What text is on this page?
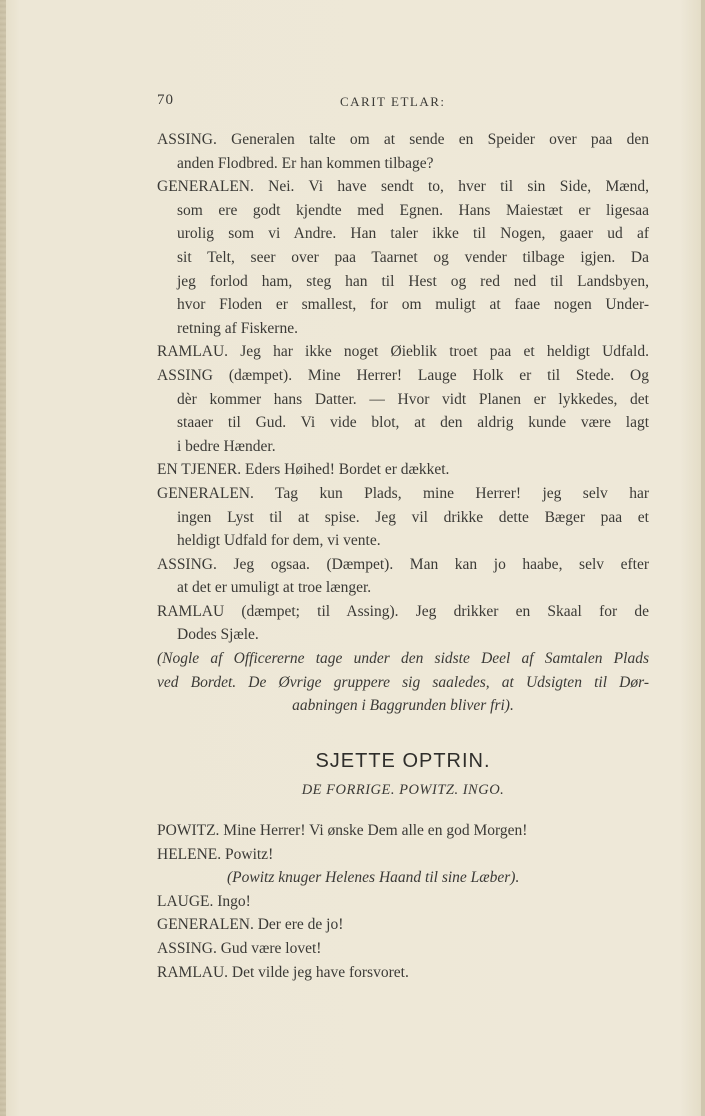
70	CARIT ETLAR:
ASSING. Generalen talte om at sende en Speider over paa den
anden Flodbred. Er han kommen tilbage?
GENERALEN. Nei. Vi have sendt to, hver til sin Side, Mænd,
som ere godt kjendte med Egnen. Hans Maiestæt er ligesaa
urolig som vi Andre. Han taler ikke til Nogen, gaaer ud af
sit Telt, seer over paa Taarnet og vender tilbage igjen. Da
jeg forlod ham, steg han til Hest og red ned til Landsbyen,
hvor Floden er smallest, for om muligt at faae nogen Under-
retning af Fiskerne.
RAMLAU. Jeg har ikke noget Øieblik troet paa et heldigt Udfald.
ASSING (dæmpet). Mine Herrer! Lauge Holk er til Stede. Og
dèr kommer hans Datter. — Hvor vidt Planen er lykkedes, det
staaer til Gud. Vi vide blot, at den aldrig kunde være lagt
i bedre Hænder.
EN TJENER. Eders Høihed! Bordet er dækket.
GENERALEN. Tag kun Plads, mine Herrer! jeg selv har
ingen Lyst til at spise. Jeg vil drikke dette Bæger paa et
heldigt Udfald for dem, vi vente.
ASSING. Jeg ogsaa. (Dæmpet). Man kan jo haabe, selv efter
at det er umuligt at troe længer.
RAMLAU (dæmpet; til Assing). Jeg drikker en Skaal for de
Dodes Sjæle.
(Nogle af Officererne tage under den sidste Deel af Samtalen Plads
ved Bordet. De Øvrige gruppere sig saaledes, at Udsigten til Dør-
aabningen i Baggrunden bliver fri).
SJETTE OPTRIN.
DE FORRIGE. POWITZ. INGO.
POWITZ. Mine Herrer! Vi ønske Dem alle en god Morgen!
HELENE. Powitz!
(Powitz knuger Helenes Haand til sine Læber).
LAUGE. Ingo!
GENERALEN. Der ere de jo!
ASSING. Gud være lovet!
RAMLAU. Det vilde jeg have forsvoret.
